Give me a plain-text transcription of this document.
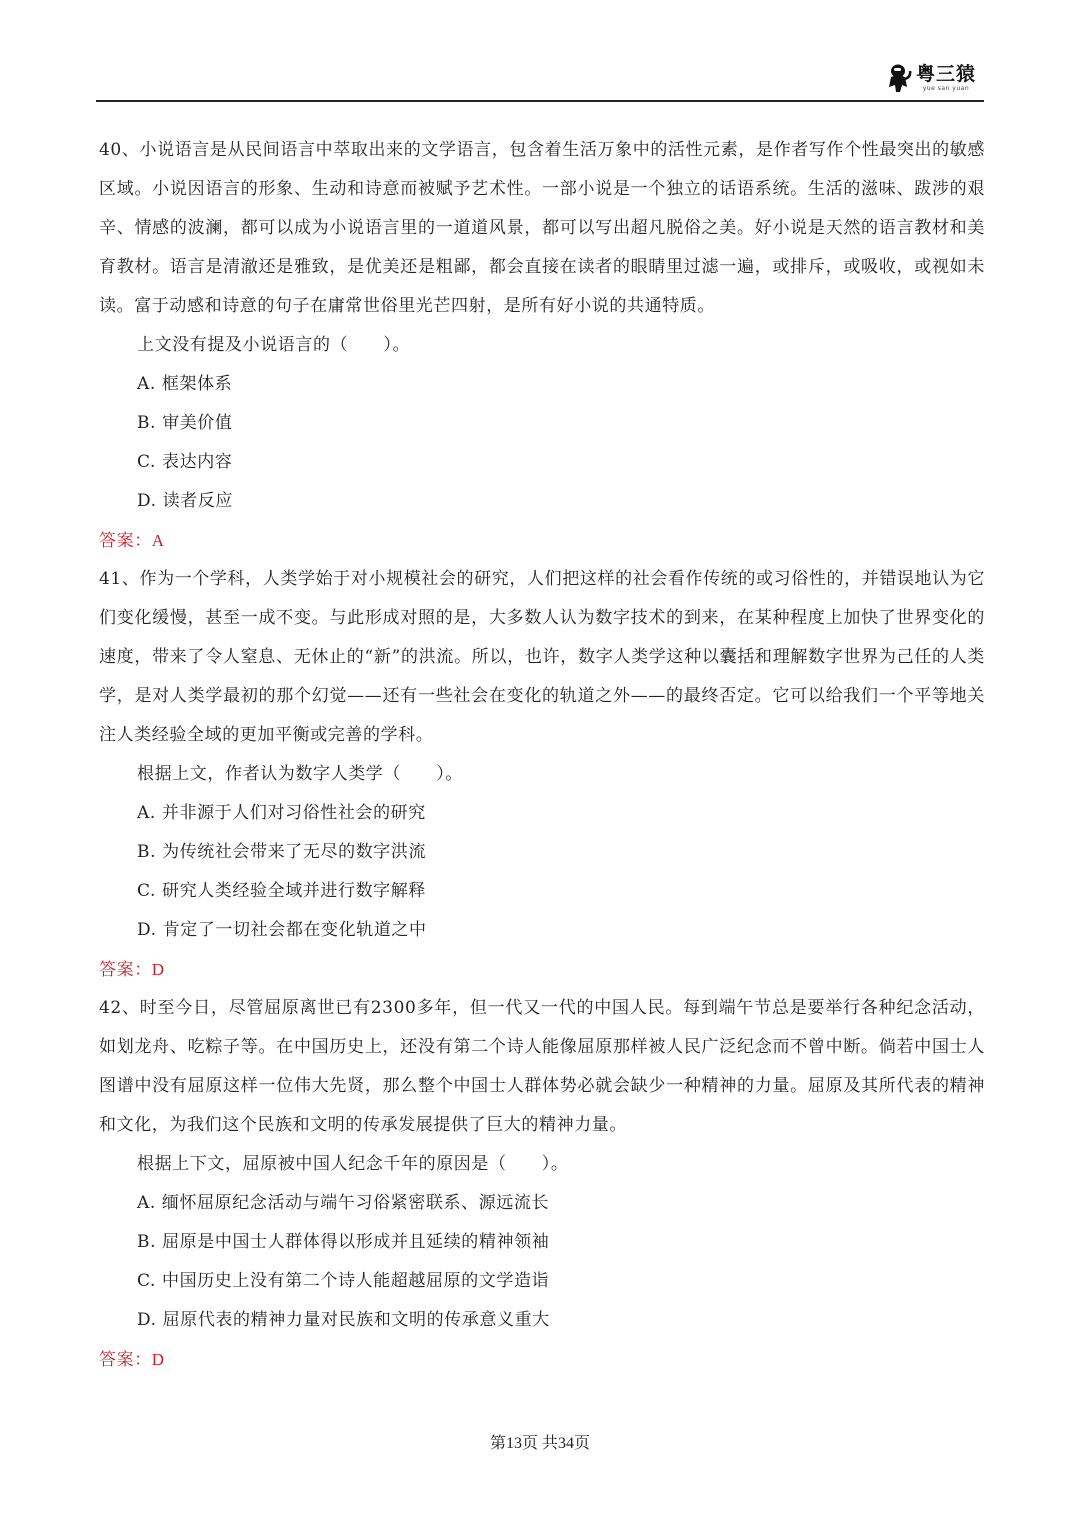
粤三猿
yue san yuan

40、小说语言是从民间语言中萃取出来的文学语言，包含着生活万象中的活性元素，是作者写作个性最突出的敏感区域。小说因语言的形象、生动和诗意而被赋予艺术性。一部小说是一个独立的话语系统。生活的滋味、跋涉的艰辛、情感的波澜，都可以成为小说语言里的一道道风景，都可以写出超凡脱俗之美。好小说是天然的语言教材和美育教材。语言是清澈还是雅致，是优美还是粗鄙，都会直接在读者的眼睛里过滤一遍，或排斥，或吸收，或视如未读。富于动感和诗意的句子在庸常世俗里光芒四射，是所有好小说的共通特质。

上文没有提及小说语言的（　　）。

A. 框架体系

B. 审美价值

C. 表达内容

D. 读者反应

答案：A

41、作为一个学科，人类学始于对小规模社会的研究，人们把这样的社会看作传统的或习俗性的，并错误地认为它们变化缓慢，甚至一成不变。与此形成对照的是，大多数人认为数字技术的到来，在某种程度上加快了世界变化的速度，带来了令人窒息、无休止的“新”的洪流。所以，也许，数字人类学这种以囊括和理解数字世界为己任的人类学，是对人类学最初的那个幻觉——还有一些社会在变化的轨道之外——的最终否定。它可以给我们一个平等地关注人类经验全域的更加平衡或完善的学科。

根据上文，作者认为数字人类学（　　）。

A. 并非源于人们对习俗性社会的研究

B. 为传统社会带来了无尽的数字洪流

C. 研究人类经验全域并进行数字解释

D. 肯定了一切社会都在变化轨道之中

答案：D

42、时至今日，尽管屈原离世已有2300多年，但一代又一代的中国人民。每到端午节总是要举行各种纪念活动，如划龙舟、吃粽子等。在中国历史上，还没有第二个诗人能像屈原那样被人民广泛纪念而不曾中断。倘若中国士人图谱中没有屈原这样一位伟大先贤，那么整个中国士人群体势必就会缺少一种精神的力量。屈原及其所代表的精神和文化，为我们这个民族和文明的传承发展提供了巨大的精神力量。

根据上下文，屈原被中国人纪念千年的原因是（　　）。

A. 缅怀屈原纪念活动与端午习俗紧密联系、源远流长

B. 屈原是中国士人群体得以形成并且延续的精神领袖

C. 中国历史上没有第二个诗人能超越屈原的文学造诣

D. 屈原代表的精神力量对民族和文明的传承意义重大

答案：D

第13页 共34页
